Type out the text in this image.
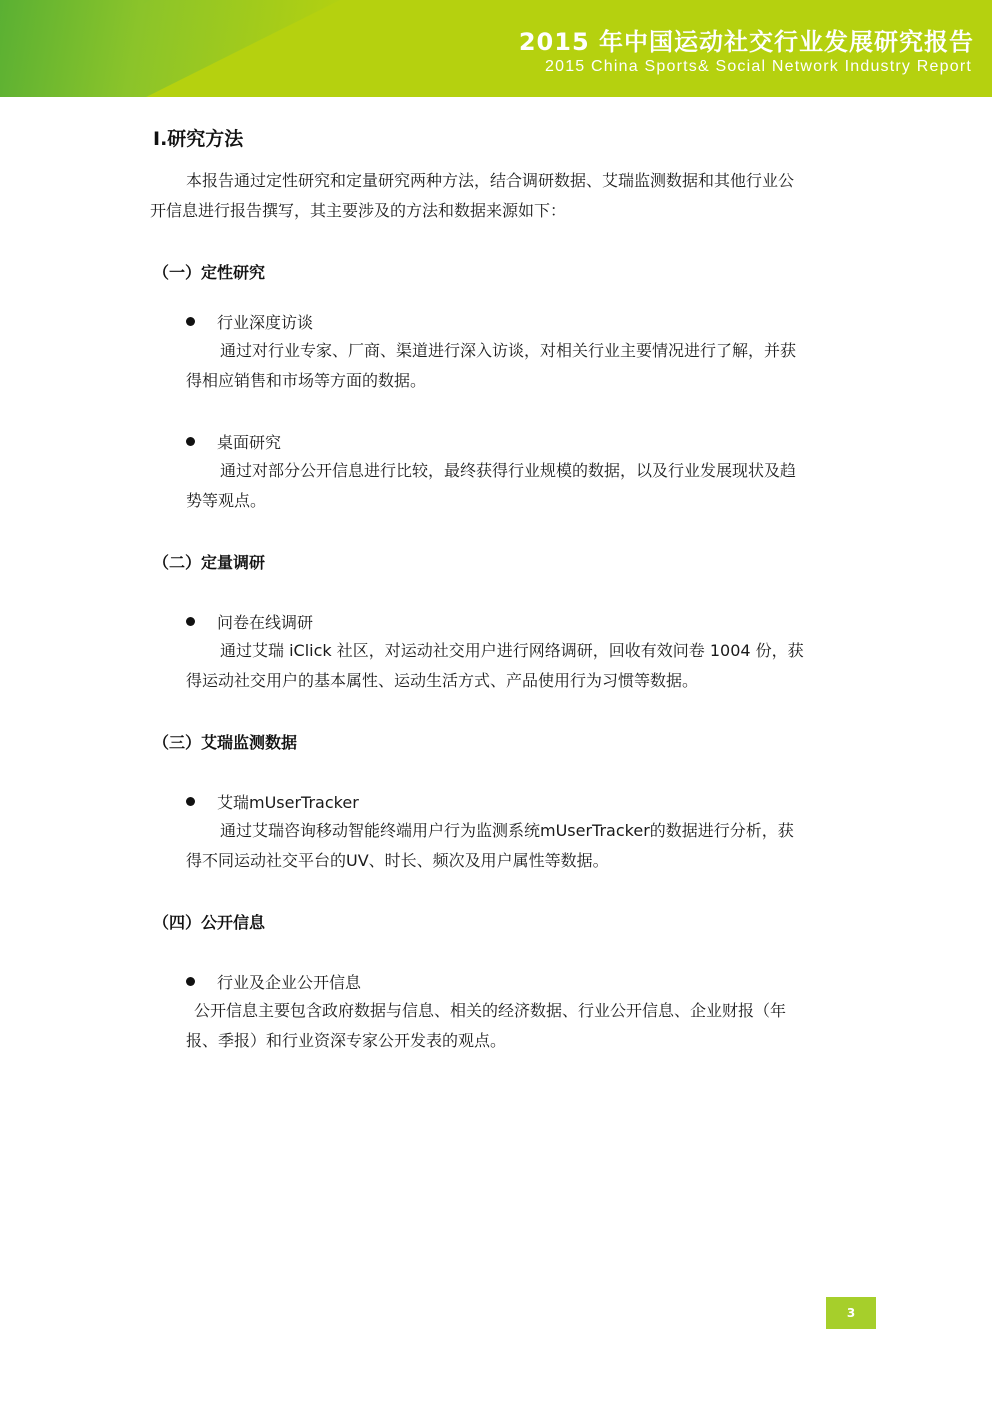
2015 年中国运动社交行业发展研究报告
2015 China Sports& Social Network Industry Report
Ⅰ.研究方法
本报告通过定性研究和定量研究两种方法，结合调研数据、艾瑞监测数据和其他行业公
开信息进行报告撰写，其主要涉及的方法和数据来源如下：
（一）定性研究
行业深度访谈
通过对行业专家、厂商、渠道进行深入访谈，对相关行业主要情况进行了解，并获
得相应销售和市场等方面的数据。
桌面研究
通过对部分公开信息进行比较，最终获得行业规模的数据，以及行业发展现状及趋
势等观点。
（二）定量调研
问卷在线调研
通过艾瑞 iClick 社区，对运动社交用户进行网络调研，回收有效问卷 1004 份，获
得运动社交用户的基本属性、运动生活方式、产品使用行为习惯等数据。
（三）艾瑞监测数据
艾瑞mUserTracker
通过艾瑞咨询移动智能终端用户行为监测系统mUserTracker的数据进行分析，获
得不同运动社交平台的UV、时长、频次及用户属性等数据。
（四）公开信息
行业及企业公开信息
公开信息主要包含政府数据与信息、相关的经济数据、行业公开信息、企业财报（年
报、季报）和行业资深专家公开发表的观点。
3
